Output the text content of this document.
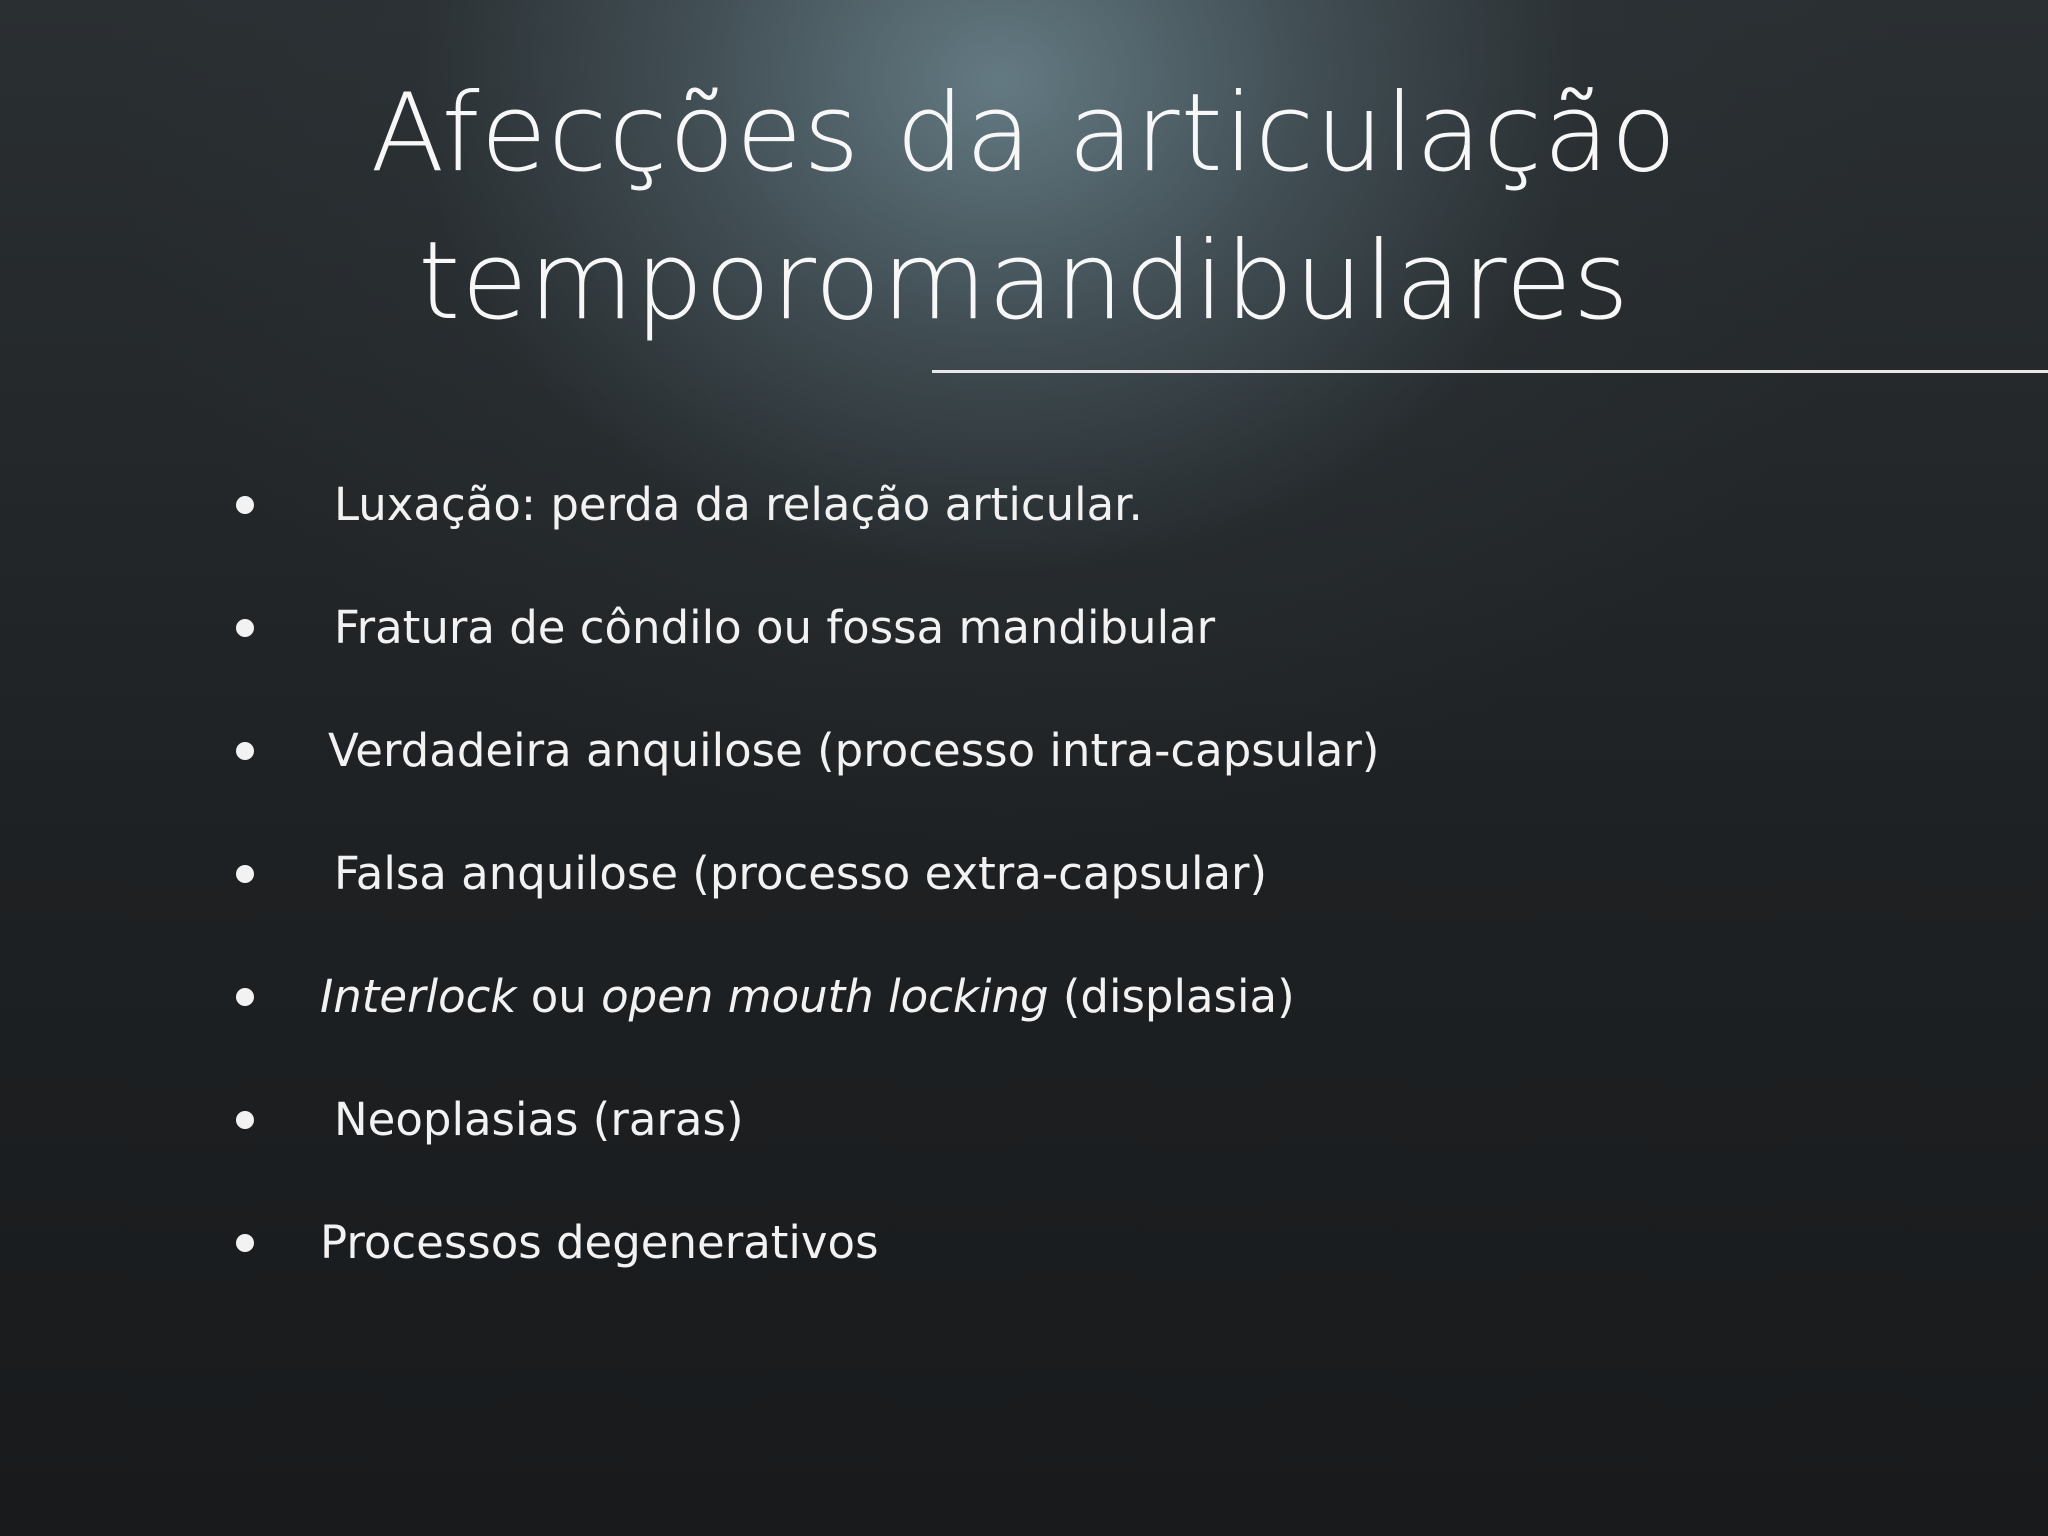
Afecções da articulação
temporomandibulares
Luxação: perda da relação articular.
Fratura de côndilo ou fossa mandibular
Verdadeira anquilose (processo intra-capsular)
Falsa anquilose (processo extra-capsular)
Interlock ou open mouth locking (displasia)
Neoplasias (raras)
Processos degenerativos
